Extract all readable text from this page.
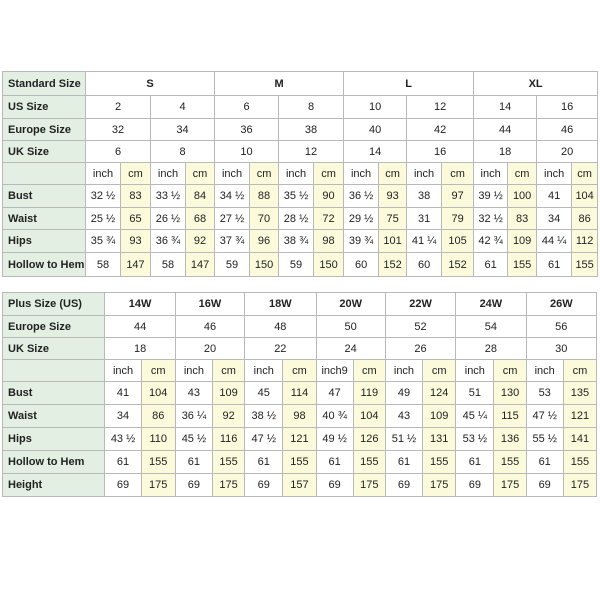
Standard Size	S				M				L				XL			
US Size	2		4		6		8		10		12		14		16	
Europe Size	32		34		36		38		40		42		44		46	
UK Size	6		8		10		12		14		16		18		20	
	inch	cm	inch	cm	inch	cm	inch	cm	inch	cm	inch	cm	inch	cm	inch	cm
Bust	32 ½	83	33 ½	84	34 ½	88	35 ½	90	36 ½	93	38	97	39 ½	100	41	104
Waist	25 ½	65	26 ½	68	27 ½	70	28 ½	72	29 ½	75	31	79	32 ½	83	34	86
Hips	35 ¾	93	36 ¾	92	37 ¾	96	38 ¾	98	39 ¾	101	41 ¼	105	42 ¾	109	44 ¼	112
Hollow to Hem	58	147	58	147	59	150	59	150	60	152	60	152	61	155	61	155
Plus Size (US)	14W		16W		18W		20W		22W		24W		26W	
Europe Size	44		46		48		50		52		54		56	
UK Size	18		20		22		24		26		28		30	
	inch	cm	inch	cm	inch	cm	inch9	cm	inch	cm	inch	cm	inch	cm
Bust	41	104	43	109	45	114	47	119	49	124	51	130	53	135
Waist	34	86	36 ¼	92	38 ½	98	40 ¾	104	43	109	45 ¼	115	47 ½	121
Hips	43 ½	110	45 ½	116	47 ½	121	49 ½	126	51 ½	131	53 ½	136	55 ½	141
Hollow to Hem	61	155	61	155	61	155	61	155	61	155	61	155	61	155
Height	69	175	69	175	69	157	69	175	69	175	69	175	69	175
